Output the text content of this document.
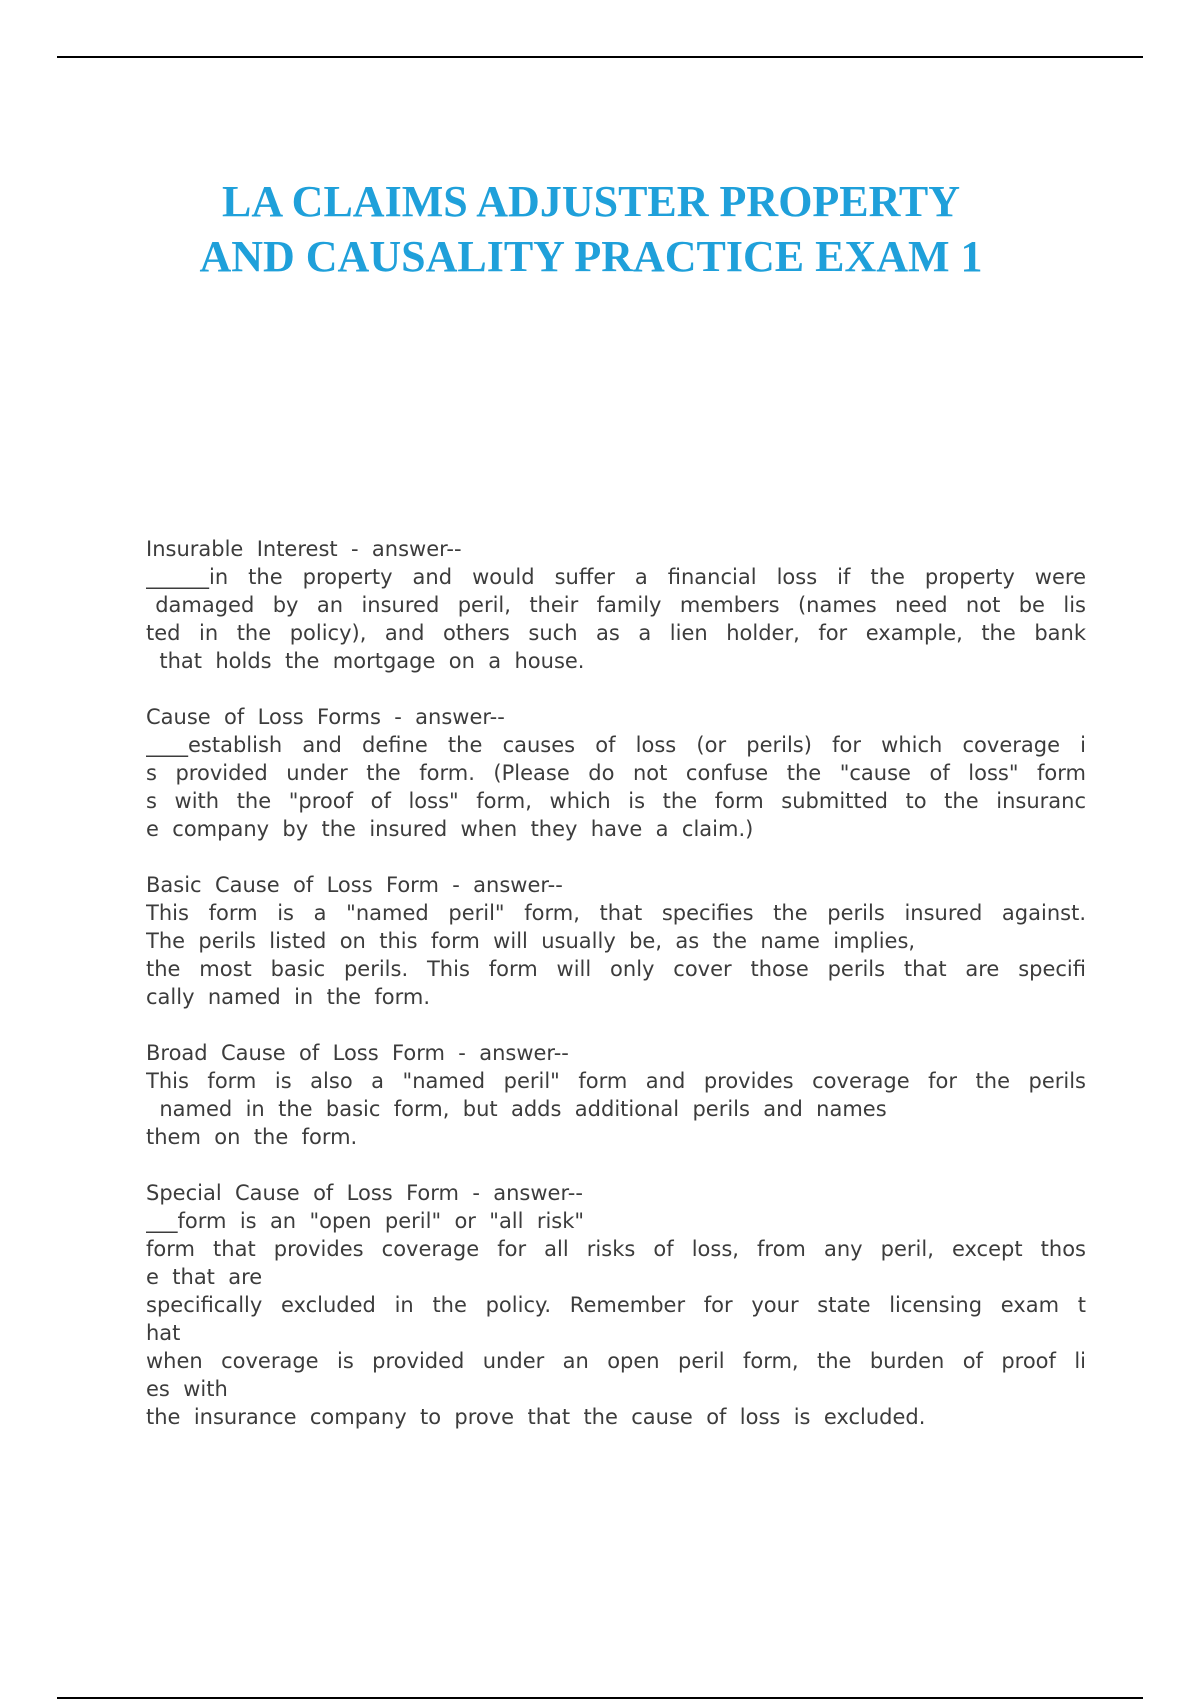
LA CLAIMS ADJUSTER PROPERTY
AND CAUSALITY PRACTICE EXAM 1
Insurable  Interest  -  answer--
______in  the  property  and  would  suffer  a  financial  loss  if  the  property  were
damaged  by  an  insured  peril,  their  family  members  (names  need  not  be  lis
ted  in  the  policy),  and  others  such  as  a  lien  holder,  for  example,  the  bank
that  holds  the  mortgage  on  a  house.
Cause  of  Loss  Forms  -  answer--
____establish  and  define  the  causes  of  loss  (or  perils)  for  which  coverage  i
s  provided  under  the  form.  (Please  do  not  confuse  the  "cause  of  loss"  form
s  with  the  "proof  of  loss"  form,  which  is  the  form  submitted  to  the  insuranc
e  company  by  the  insured  when  they  have  a  claim.)
Basic  Cause  of  Loss  Form  -  answer--
This  form  is  a  "named  peril"  form,  that  specifies  the  perils  insured  against.
The  perils  listed  on  this  form  will  usually  be,  as  the  name  implies,
the  most  basic  perils.  This  form  will  only  cover  those  perils  that  are  specifi
cally  named  in  the  form.
Broad  Cause  of  Loss  Form  -  answer--
This  form  is  also  a  "named  peril"  form  and  provides  coverage  for  the  perils
named  in  the  basic  form,  but  adds  additional  perils  and  names
them  on  the  form.
Special  Cause  of  Loss  Form  -  answer--
___form  is  an  "open  peril"  or  "all  risk"
form  that  provides  coverage  for  all  risks  of  loss,  from  any  peril,  except  thos
e  that  are
specifically  excluded  in  the  policy.  Remember  for  your  state  licensing  exam  t
hat
when  coverage  is  provided  under  an  open  peril  form,  the  burden  of  proof  li
es  with
the  insurance  company  to  prove  that  the  cause  of  loss  is  excluded.
